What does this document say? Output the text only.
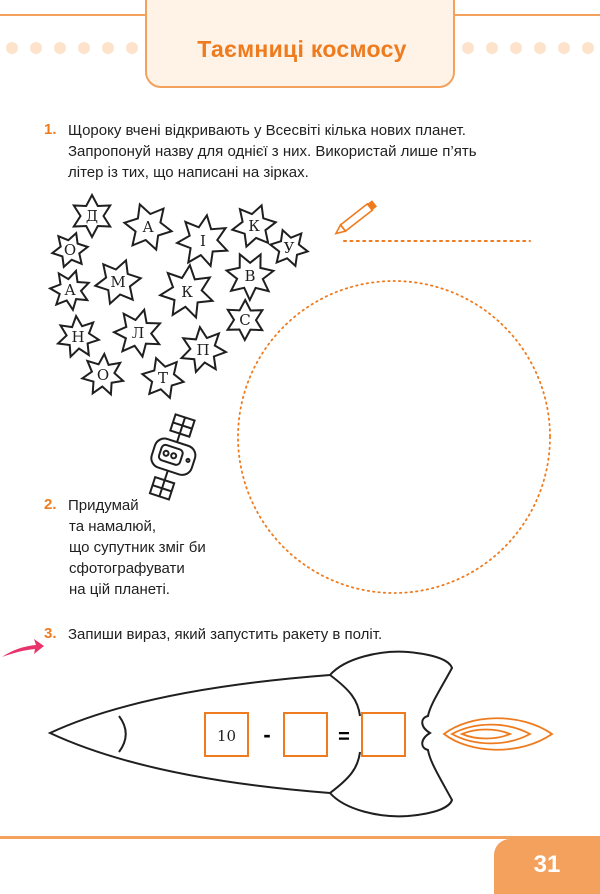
Таємниці космосу
1. Щороку вчені відкривають у Всесвіті кілька нових планет.
Запропонуй назву для однієї з них. Використай лише п’ять
літер із тих, що написані на зірках.
Д
О
А
І
К
У
А М
К
В
Н	Л
С
О	Т
П
10 -	=
2. Придумай
та намалюй,
що супутник зміг би
сфотографувати
на цій планеті.
3. Запиши вираз, який запустить ракету в політ.
31
